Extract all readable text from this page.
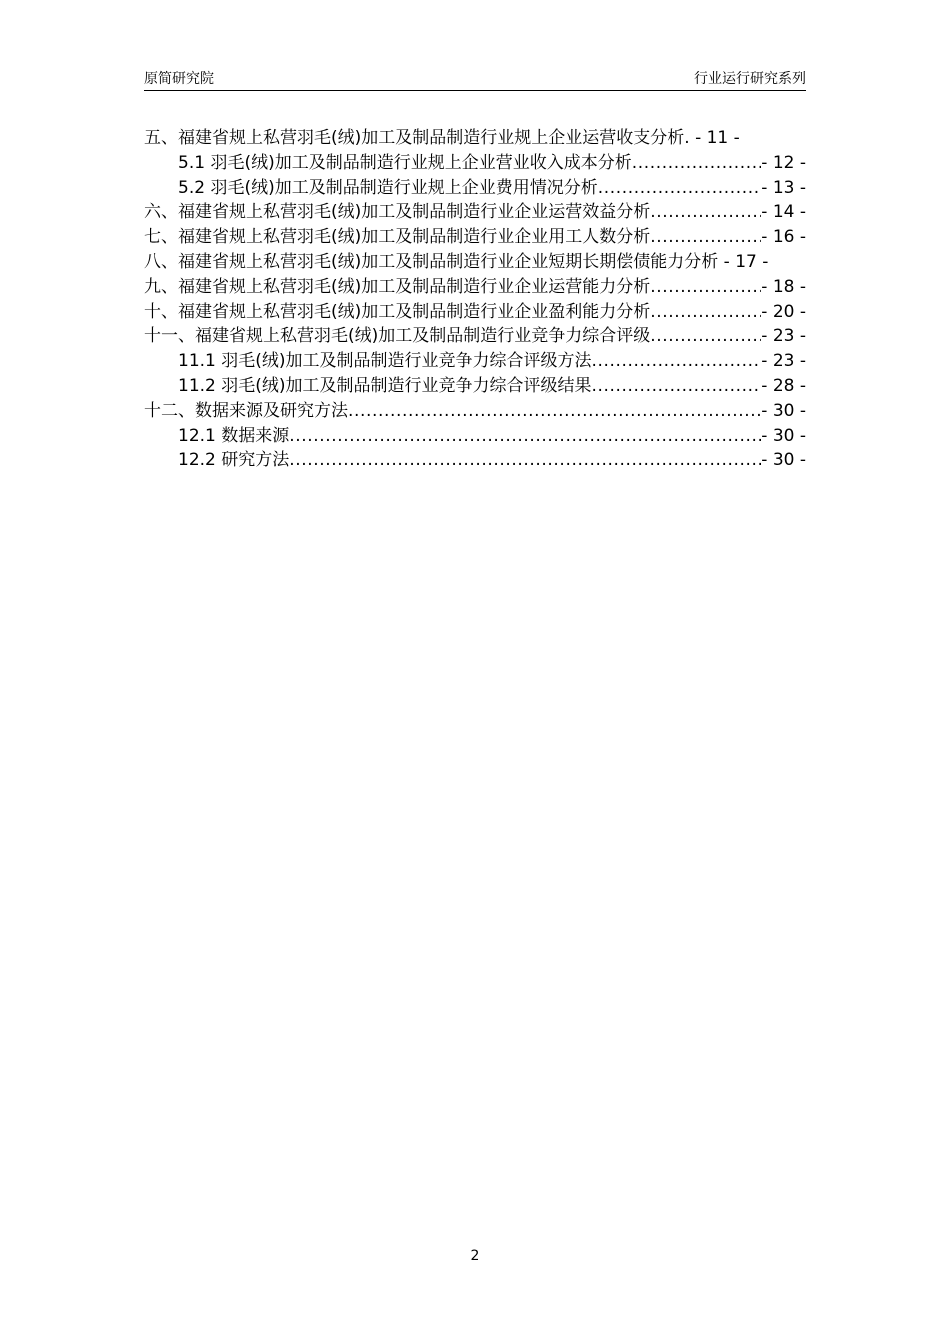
原简研究院	行业运行研究系列
五、福建省规上私营羽毛(绒)加工及制品制造行业规上企业运营收支分析. - 11 -
5.1 羽毛(绒)加工及制品制造行业规上企业营业收入成本分析 .....	- 12 -
5.2 羽毛(绒)加工及制品制造行业规上企业费用情况分析 .....	- 13 -
六、福建省规上私营羽毛(绒)加工及制品制造行业企业运营效益分析 .....	- 14 -
七、福建省规上私营羽毛(绒)加工及制品制造行业企业用工人数分析 .....	- 16 -
八、福建省规上私营羽毛(绒)加工及制品制造行业企业短期长期偿债能力分析 - 17 -
九、福建省规上私营羽毛(绒)加工及制品制造行业企业运营能力分析 .....	- 18 -
十、福建省规上私营羽毛(绒)加工及制品制造行业企业盈利能力分析 .....	- 20 -
十一、福建省规上私营羽毛(绒)加工及制品制造行业竞争力综合评级 .....	- 23 -
11.1 羽毛(绒)加工及制品制造行业竞争力综合评级方法 .....	- 23 -
11.2 羽毛(绒)加工及制品制造行业竞争力综合评级结果 .....	- 28 -
十二、数据来源及研究方法 .....	- 30 -
12.1 数据来源 .....	- 30 -
12.2 研究方法 .....	- 30 -
2
